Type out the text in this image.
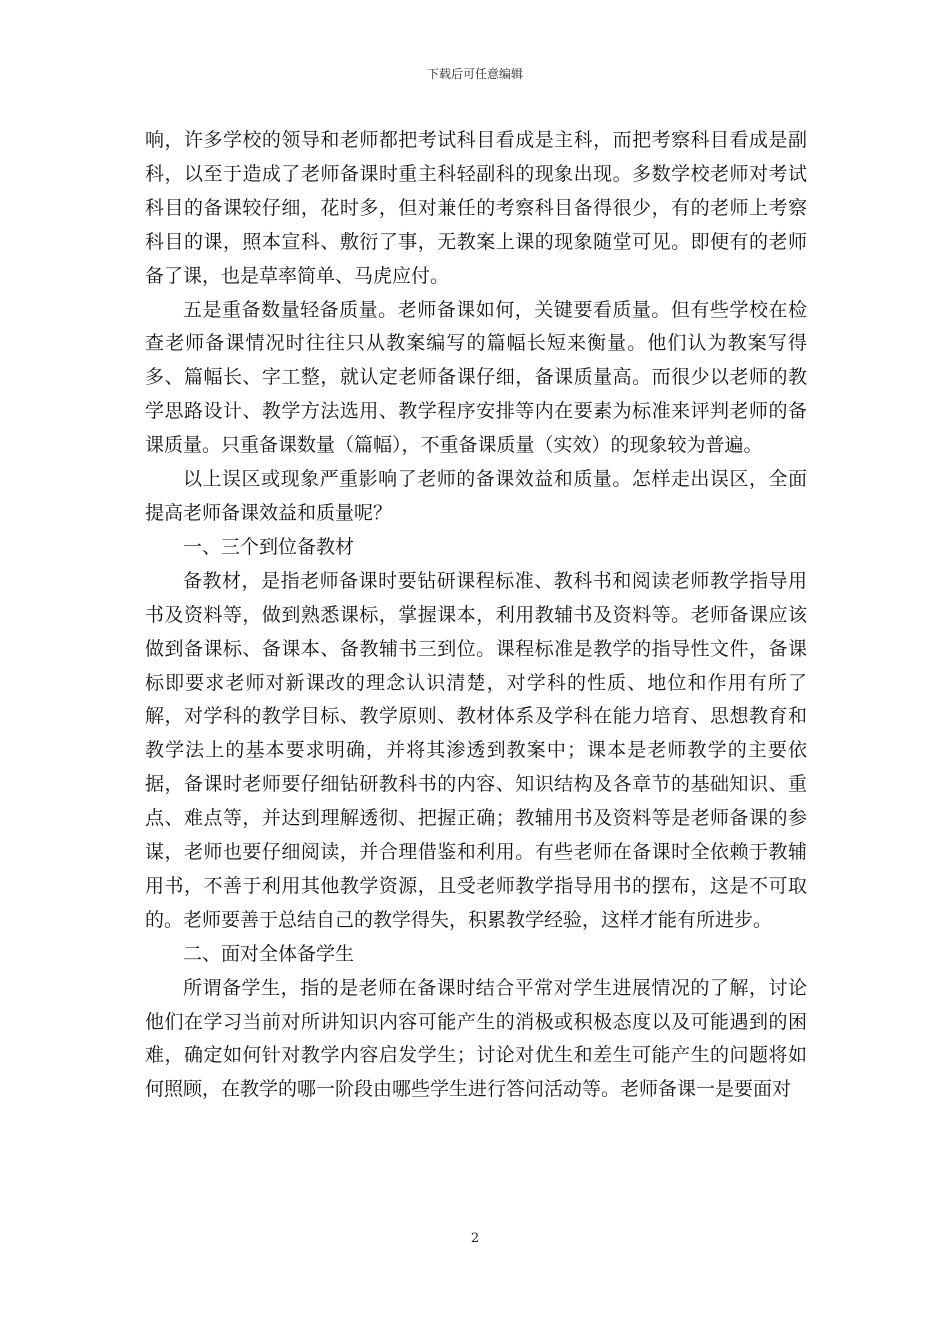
下载后可任意编辑

响，许多学校的领导和老师都把考试科目看成是主科，而把考察科目看成是副科，以至于造成了老师备课时重主科轻副科的现象出现。多数学校老师对考试科目的备课较仔细，花时多，但对兼任的考察科目备得很少，有的老师上考察科目的课，照本宣科、敷衍了事，无教案上课的现象随堂可见。即便有的老师备了课，也是草率简单、马虎应付。

五是重备数量轻备质量。老师备课如何，关键要看质量。但有些学校在检查老师备课情况时往往只从教案编写的篇幅长短来衡量。他们认为教案写得多、篇幅长、字工整，就认定老师备课仔细，备课质量高。而很少以老师的教学思路设计、教学方法选用、教学程序安排等内在要素为标准来评判老师的备课质量。只重备课数量（篇幅），不重备课质量（实效）的现象较为普遍。

以上误区或现象严重影响了老师的备课效益和质量。怎样走出误区，全面提高老师备课效益和质量呢？

一、三个到位备教材

备教材，是指老师备课时要钻研课程标准、教科书和阅读老师教学指导用书及资料等，做到熟悉课标，掌握课本，利用教辅书及资料等。老师备课应该做到备课标、备课本、备教辅书三到位。课程标准是教学的指导性文件，备课标即要求老师对新课改的理念认识清楚，对学科的性质、地位和作用有所了解，对学科的教学目标、教学原则、教材体系及学科在能力培育、思想教育和教学法上的基本要求明确，并将其渗透到教案中；课本是老师教学的主要依据，备课时老师要仔细钻研教科书的内容、知识结构及各章节的基础知识、重点、难点等，并达到理解透彻、把握正确；教辅用书及资料等是老师备课的参谋，老师也要仔细阅读，并合理借鉴和利用。有些老师在备课时全依赖于教辅用书，不善于利用其他教学资源，且受老师教学指导用书的摆布，这是不可取的。老师要善于总结自己的教学得失，积累教学经验，这样才能有所进步。

二、面对全体备学生

所谓备学生，指的是老师在备课时结合平常对学生进展情况的了解，讨论他们在学习当前对所讲知识内容可能产生的消极或积极态度以及可能遇到的困难，确定如何针对教学内容启发学生；讨论对优生和差生可能产生的问题将如何照顾，在教学的哪一阶段由哪些学生进行答问活动等。老师备课一是要面对

2
